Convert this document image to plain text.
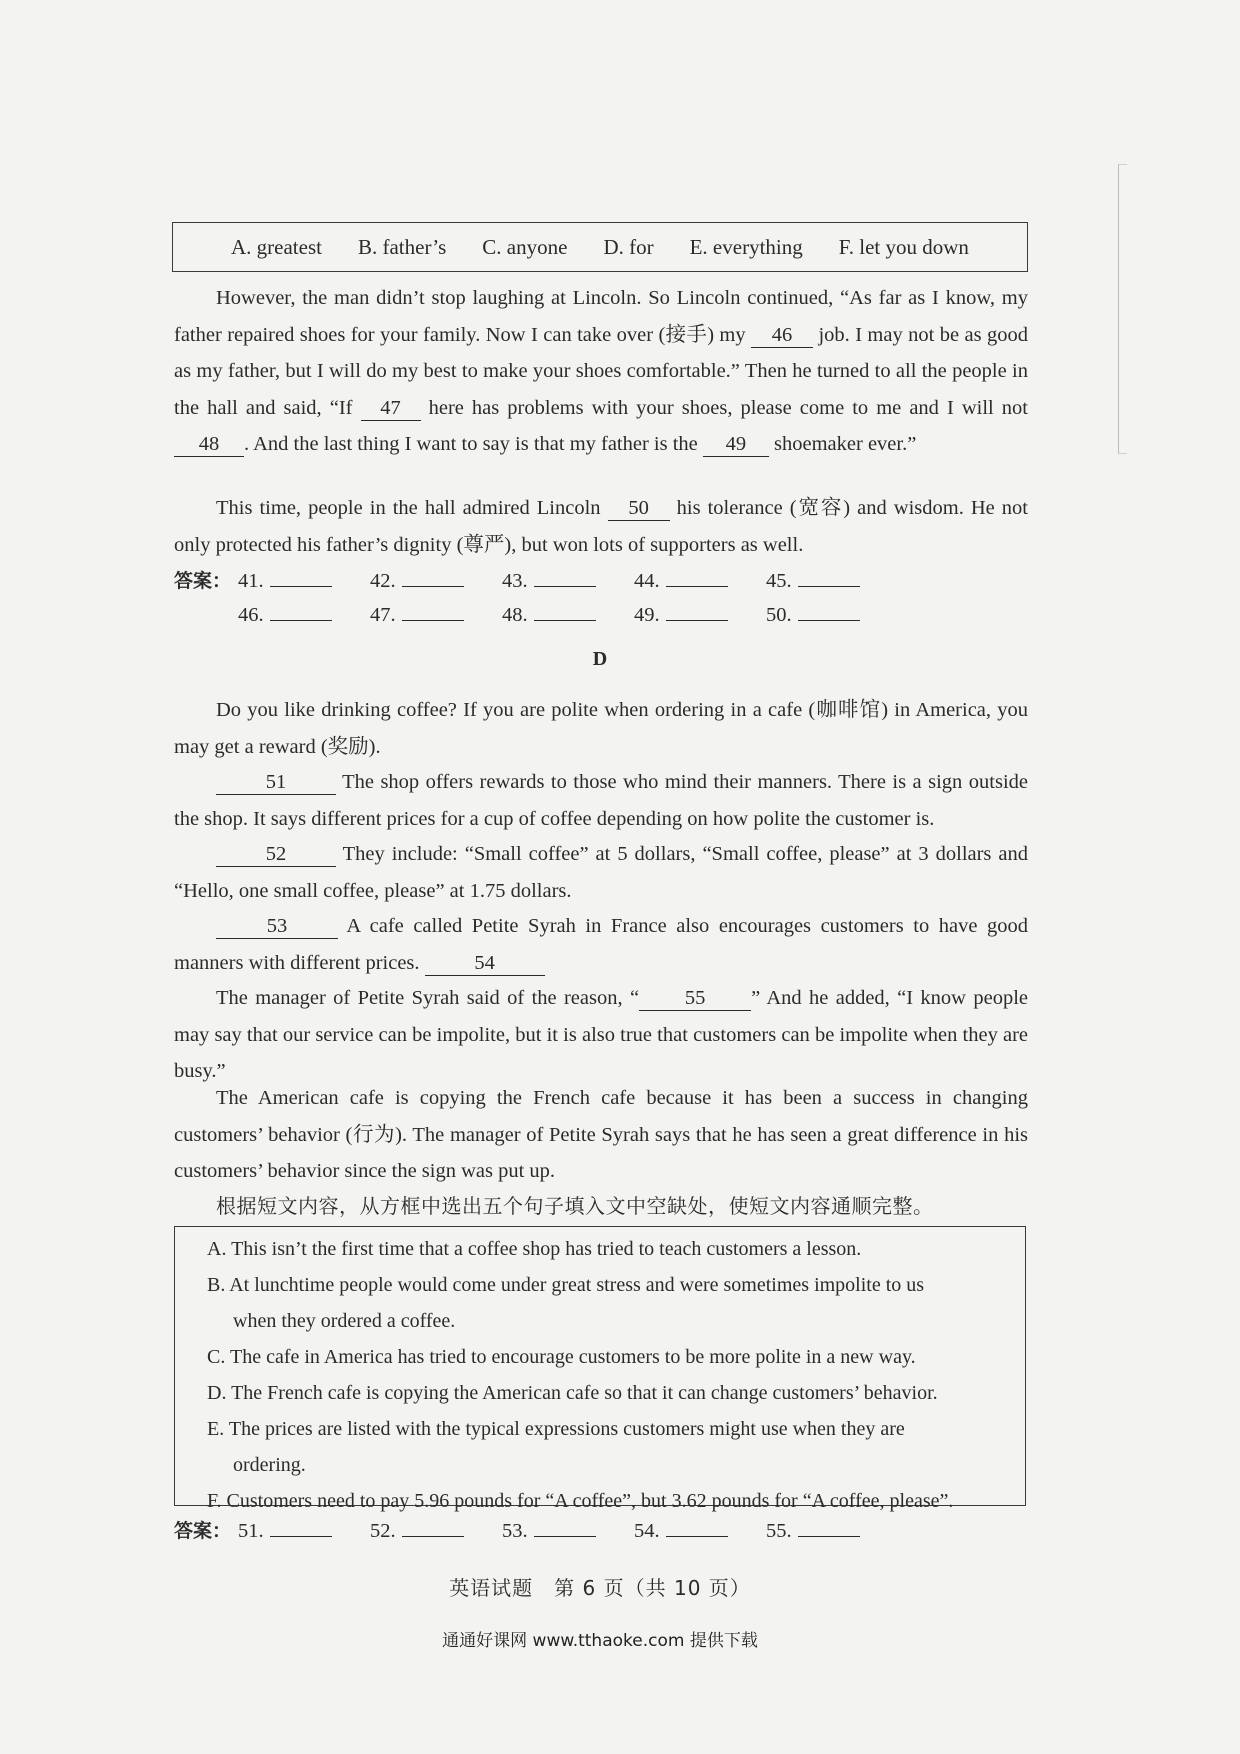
A. greatest B. father’s C. anyone D. for E. everything F. let you down

However, the man didn’t stop laughing at Lincoln. So Lincoln continued, “As far as I know, my father repaired shoes for your family. Now I can take over (接手) my 46 job. I may not be as good as my father, but I will do my best to make your shoes comfortable.” Then he turned to all the people in the hall and said, “If 47 here has problems with your shoes, please come to me and I will not 48 . And the last thing I want to say is that my father is the 49 shoemaker ever.”

This time, people in the hall admired Lincoln 50 his tolerance (宽容) and wisdom. He not only protected his father’s dignity (尊严), but won lots of supporters as well.

答案： 41.	42.	43.	44.	45.
46.	47.	48.	49.	50.
D

Do you like drinking coffee? If you are polite when ordering in a cafe (咖啡馆) in America, you may get a reward (奖励).

51 The shop offers rewards to those who mind their manners. There is a sign outside the shop. It says different prices for a cup of coffee depending on how polite the customer is.

52 They include: “Small coffee” at 5 dollars, “Small coffee, please” at 3 dollars and “Hello, one small coffee, please” at 1.75 dollars.

53 A cafe called Petite Syrah in France also encourages customers to have good manners with different prices. 54

The manager of Petite Syrah said of the reason, “ 55 ” And he added, “I know people may say that our service can be impolite, but it is also true that customers can be impolite when they are busy.”

The American cafe is copying the French cafe because it has been a success in changing customers’ behavior (行为). The manager of Petite Syrah says that he has seen a great difference in his customers’ behavior since the sign was put up.

根据短文内容，从方框中选出五个句子填入文中空缺处，使短文内容通顺完整。

A. This isn’t the first time that a coffee shop has tried to teach customers a lesson.

B. At lunchtime people would come under great stress and were sometimes impolite to us

when they ordered a coffee.

C. The cafe in America has tried to encourage customers to be more polite in a new way.

D. The French cafe is copying the American cafe so that it can change customers’ behavior.

E. The prices are listed with the typical expressions customers might use when they are

ordering.

F. Customers need to pay 5.96 pounds for “A coffee”, but 3.62 pounds for “A coffee, please”.

答案： 51.	52.	53.	54.	55.
英语试题　第 6 页（共 10 页）
通通好课网 www.tthaoke.com 提供下载
